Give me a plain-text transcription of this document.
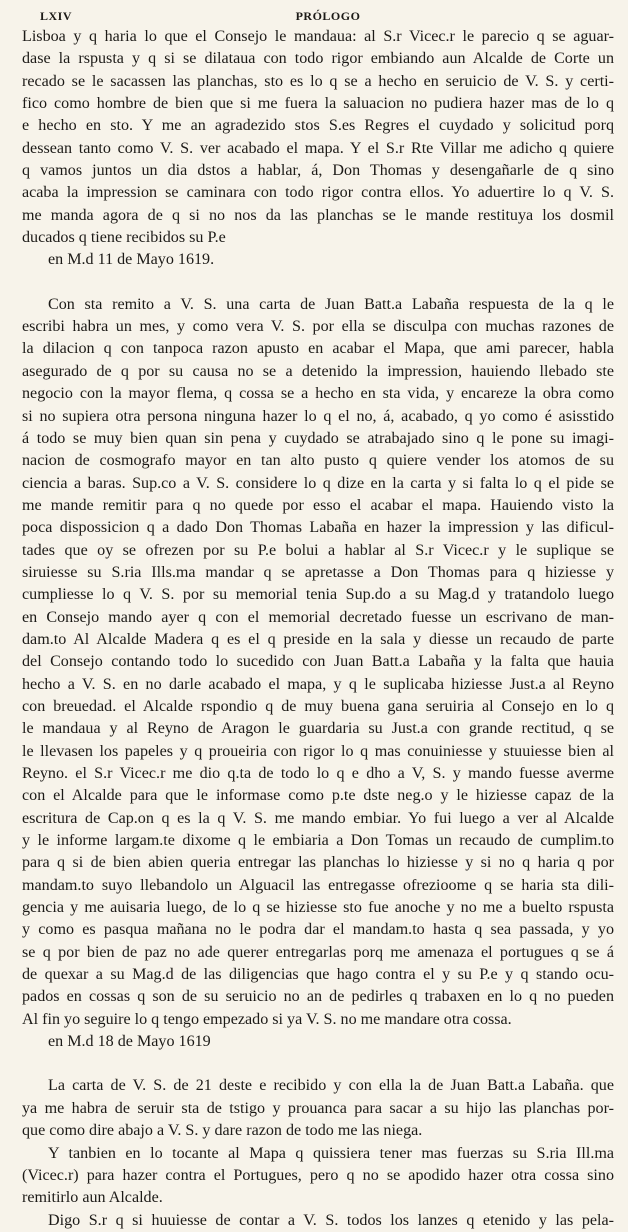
LXIV	PRÓLOGO
Lisboa y q haria lo que el Consejo le mandaua: al S.r Vicec.r le parecio q se aguar-
dase la rspusta y q si se dilataua con todo rigor embiando aun Alcalde de Corte un
recado se le sacassen las planchas, sto es lo q se a hecho en seruicio de V. S. y certi-
fico como hombre de bien que si me fuera la saluacion no pudiera hazer mas de lo q
e hecho en sto. Y me an agradezido stos S.es Regres el cuydado y solicitud porq
dessean tanto como V. S. ver acabado el mapa. Y el S.r Rte Villar me adicho q quiere
q vamos juntos un dia dstos a hablar, á, Don Thomas y desengañarle de q sino
acaba la impression se caminara con todo rigor contra ellos. Yo aduertire lo q V. S.
me manda agora de q si no nos da las planchas se le mande restituya los dosmil
ducados q tiene recibidos su P.e
en M.d 11 de Mayo 1619.
Con sta remito a V. S. una carta de Juan Batt.a Labaña respuesta de la q le
escribi habra un mes, y como vera V. S. por ella se disculpa con muchas razones de
la dilacion q con tanpoca razon apusto en acabar el Mapa, que ami parecer, habla
asegurado de q por su causa no se a detenido la impression, hauiendo llebado ste
negocio con la mayor flema, q cossa se a hecho en sta vida, y encareze la obra como
si no supiera otra persona ninguna hazer lo q el no, á, acabado, q yo como é asisstido
á todo se muy bien quan sin pena y cuydado se atrabajado sino q le pone su imagi-
nacion de cosmografo mayor en tan alto pusto q quiere vender los atomos de su
ciencia a baras. Sup.co a V. S. considere lo q dize en la carta y si falta lo q el pide se
me mande remitir para q no quede por esso el acabar el mapa. Hauiendo visto la
poca dispossicion q a dado Don Thomas Labaña en hazer la impression y las dificul-
tades que oy se ofrezen por su P.e bolui a hablar al S.r Vicec.r y le suplique se
siruiesse su S.ria Ills.ma mandar q se apretasse a Don Thomas para q hiziesse y
cumpliesse lo q V. S. por su memorial tenia Sup.do a su Mag.d y tratandolo luego
en Consejo mando ayer q con el memorial decretado fuesse un escrivano de man-
dam.to Al Alcalde Madera q es el q preside en la sala y diesse un recaudo de parte
del Consejo contando todo lo sucedido con Juan Batt.a Labaña y la falta que hauia
hecho a V. S. en no darle acabado el mapa, y q le suplicaba hiziesse Just.a al Reyno
con breuedad. el Alcalde rspondio q de muy buena gana seruiria al Consejo en lo q
le mandaua y al Reyno de Aragon le guardaria su Just.a con grande rectitud, q se
le llevasen los papeles y q proueiria con rigor lo q mas conuiniesse y stuuiesse bien al
Reyno. el S.r Vicec.r me dio q.ta de todo lo q e dho a V, S. y mando fuesse averme
con el Alcalde para que le informase como p.te dste neg.o y le hiziesse capaz de la
escritura de Cap.on q es la q V. S. me mando embiar. Yo fui luego a ver al Alcalde
y le informe largam.te dixome q le embiaria a Don Tomas un recaudo de cumplim.to
para q si de bien abien queria entregar las planchas lo hiziesse y si no q haria q por
mandam.to suyo llebandolo un Alguacil las entregasse ofrezioome q se haria sta dili-
gencia y me auisaria luego, de lo q se hiziesse sto fue anoche y no me a buelto rspusta
y como es pasqua mañana no le podra dar el mandam.to hasta q sea passada, y yo
se q por bien de paz no ade querer entregarlas porq me amenaza el portugues q se á
de quexar a su Mag.d de las diligencias que hago contra el y su P.e y q stando ocu-
pados en cossas q son de su seruicio no an de pedirles q trabaxen en lo q no pueden
Al fin yo seguire lo q tengo empezado si ya V. S. no me mandare otra cossa.
en M.d 18 de Mayo 1619
La carta de V. S. de 21 deste e recibido y con ella la de Juan Batt.a Labaña. que
ya me habra de seruir sta de tstigo y prouanca para sacar a su hijo las planchas por-
que como dire abajo a V. S. y dare razon de todo me las niega.
Y tanbien en lo tocante al Mapa q quissiera tener mas fuerzas su S.ria Ill.ma
(Vicec.r) para hazer contra el Portugues, pero q no se apodido hazer otra cossa sino
remitirlo aun Alcalde.
Digo S.r q si huuiesse de contar a V. S. todos los lanzes q etenido y las pela-
